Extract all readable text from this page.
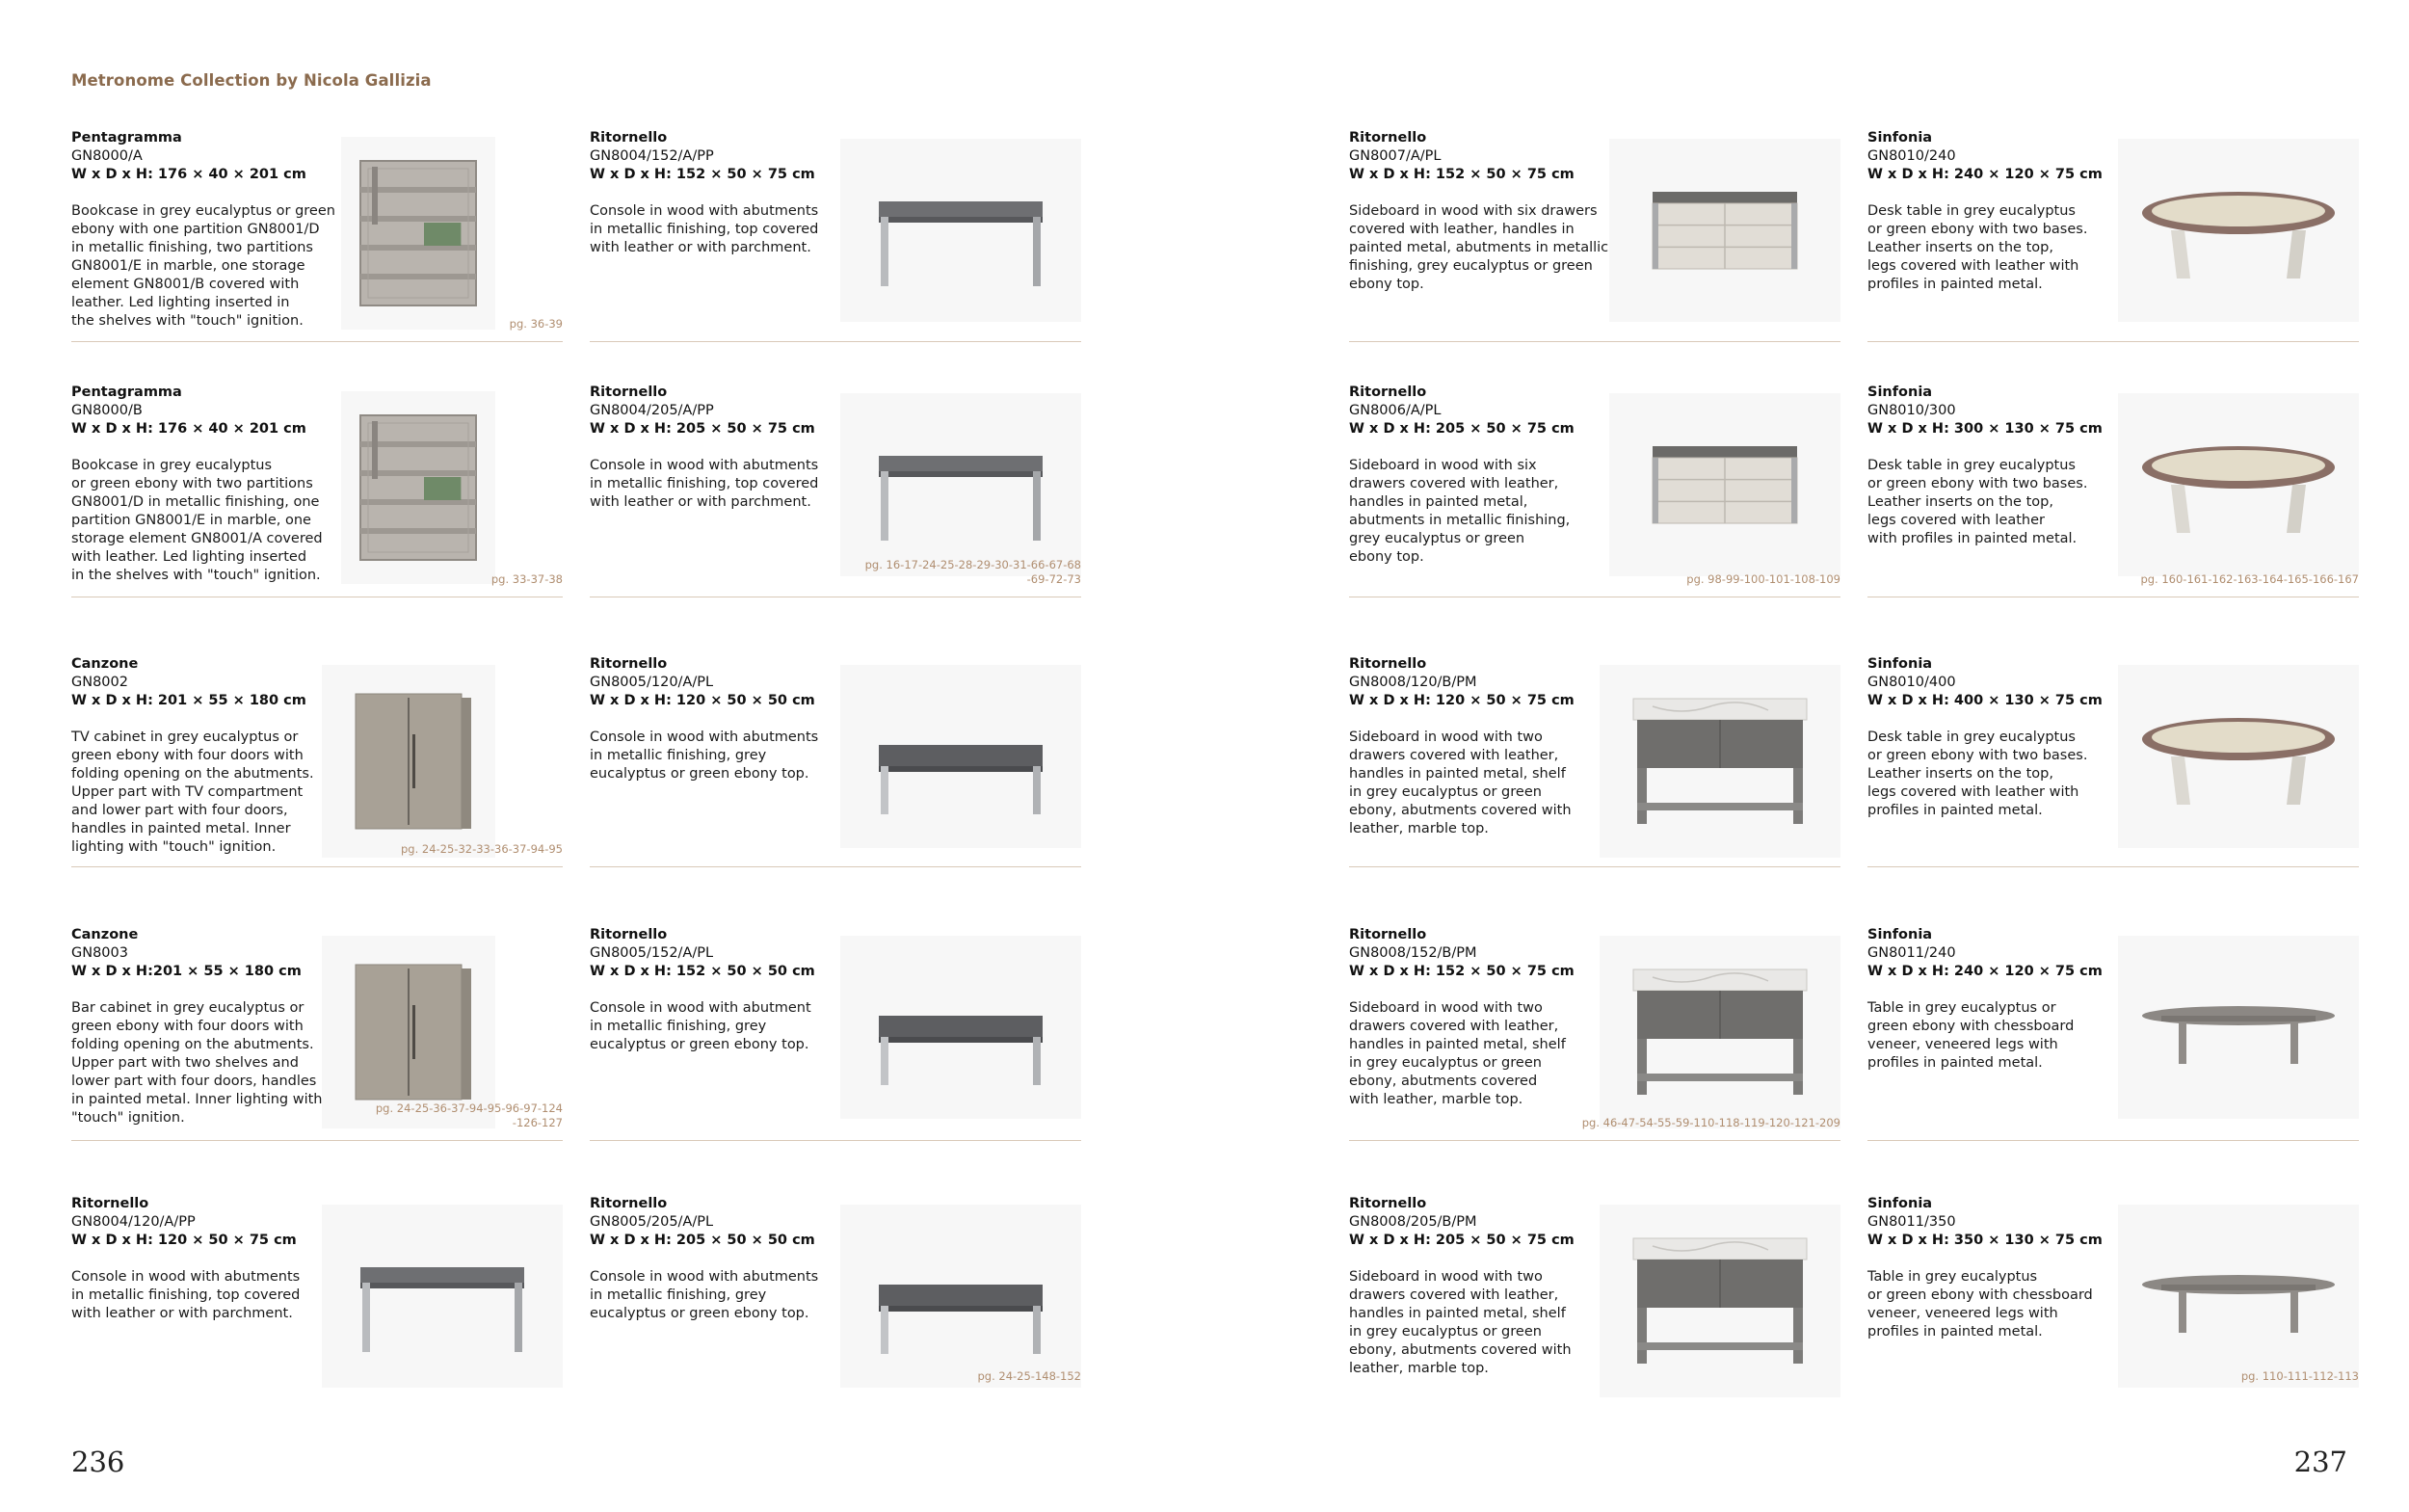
Metronome Collection by Nicola Gallizia
Pentagramma
GN8000/A
W x D x H: 176 × 40 × 201 cm
Bookcase in grey eucalyptus or green
ebony with one partition GN8001/D
in metallic finishing, two partitions
GN8001/E in marble, one storage
element GN8001/B covered with
leather. Led lighting inserted in
the shelves with "touch" ignition.	pg. 36-39
Ritornello
GN8004/152/A/PP
W x D x H: 152 × 50 × 75 cm
Console in wood with abutments
in metallic finishing, top covered
with leather or with parchment.
Ritornello
GN8007/A/PL
W x D x H: 152 × 50 × 75 cm
Sideboard in wood with six drawers
covered with leather, handles in
painted metal, abutments in metallic
finishing, grey eucalyptus or green
ebony top.
Sinfonia
GN8010/240
W x D x H: 240 × 120 × 75 cm
Desk table in grey eucalyptus
or green ebony with two bases.
Leather inserts on the top,
legs covered with leather with
profiles in painted metal.
Pentagramma
GN8000/B
W x D x H: 176 × 40 × 201 cm
Bookcase in grey eucalyptus
or green ebony with two partitions
GN8001/D in metallic finishing, one
partition GN8001/E in marble, one
storage element GN8001/A covered
with leather. Led lighting inserted
in the shelves with "touch" ignition.	pg. 33-37-38
Ritornello
GN8004/205/A/PP
W x D x H: 205 × 50 × 75 cm
Console in wood with abutments
in metallic finishing, top covered
with leather or with parchment.
pg. 16-17-24-25-28-29-30-31-66-67-68
-69-72-73
Ritornello
GN8006/A/PL
W x D x H: 205 × 50 × 75 cm
Sideboard in wood with six
drawers covered with leather,
handles in painted metal,
abutments in metallic finishing,
grey eucalyptus or green
ebony top.
pg. 98-99-100-101-108-109
Sinfonia
GN8010/300
W x D x H: 300 × 130 × 75 cm
Desk table in grey eucalyptus
or green ebony with two bases.
Leather inserts on the top,
legs covered with leather
with profiles in painted metal.
pg. 160-161-162-163-164-165-166-167
Canzone
GN8002
W x D x H: 201 × 55 × 180 cm
TV cabinet in grey eucalyptus or
green ebony with four doors with
folding opening on the abutments.
Upper part with TV compartment
and lower part with four doors,
handles in painted metal. Inner
lighting with "touch" ignition.	pg. 24-25-32-33-36-37-94-95
Ritornello
GN8005/120/A/PL
W x D x H: 120 × 50 × 50 cm
Console in wood with abutments
in metallic finishing, grey
eucalyptus or green ebony top.
Ritornello
GN8008/120/B/PM
W x D x H: 120 × 50 × 75 cm
Sideboard in wood with two
drawers covered with leather,
handles in painted metal, shelf
in grey eucalyptus or green
ebony, abutments covered with
leather, marble top.
Sinfonia
GN8010/400
W x D x H: 400 × 130 × 75 cm
Desk table in grey eucalyptus
or green ebony with two bases.
Leather inserts on the top,
legs covered with leather with
profiles in painted metal.
Canzone
GN8003
W x D x H:201 × 55 × 180 cm
Bar cabinet in grey eucalyptus or
green ebony with four doors with
folding opening on the abutments.
Upper part with two shelves and
lower part with four doors, handles
in painted metal. Inner lighting with
"touch" ignition.
pg. 24-25-36-37-94-95-96-97-124
-126-127
Ritornello
GN8005/152/A/PL
W x D x H: 152 × 50 × 50 cm
Console in wood with abutment
in metallic finishing, grey
eucalyptus or green ebony top.
Ritornello
GN8008/152/B/PM
W x D x H: 152 × 50 × 75 cm
Sideboard in wood with two
drawers covered with leather,
handles in painted metal, shelf
in grey eucalyptus or green
ebony, abutments covered
with leather, marble top.
pg. 46-47-54-55-59-110-118-119-120-121-209
Sinfonia
GN8011/240
W x D x H: 240 × 120 × 75 cm
Table in grey eucalyptus or
green ebony with chessboard
veneer, veneered legs with
profiles in painted metal.
Ritornello
GN8004/120/A/PP
W x D x H: 120 × 50 × 75 cm
Console in wood with abutments
in metallic finishing, top covered
with leather or with parchment.
Ritornello
GN8005/205/A/PL
W x D x H: 205 × 50 × 50 cm
Console in wood with abutments
in metallic finishing, grey
eucalyptus or green ebony top.
pg. 24-25-148-152
Ritornello
GN8008/205/B/PM
W x D x H: 205 × 50 × 75 cm
Sideboard in wood with two
drawers covered with leather,
handles in painted metal, shelf
in grey eucalyptus or green
ebony, abutments covered with
leather, marble top.
Sinfonia
GN8011/350
W x D x H: 350 × 130 × 75 cm
Table in grey eucalyptus
or green ebony with chessboard
veneer, veneered legs with
profiles in painted metal.
pg. 110-111-112-113
236	237
